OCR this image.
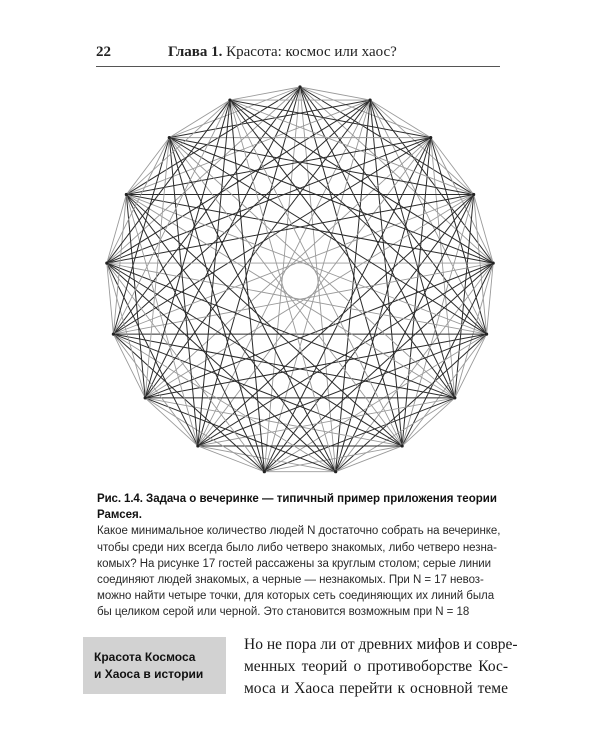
22	Глава 1. Красота: космос или хаос?
Рис. 1.4. Задача о вечеринке — типичный пример приложения теории Рамсея.
Какое минимальное количество людей N достаточно собрать на вечеринке,
чтобы среди них всегда было либо четверо знакомых, либо четверо незна-
комых? На рисунке 17 гостей рассажены за круглым столом; серые линии
соединяют людей знакомых, а черные — незнакомых. При N = 17 невоз-
можно найти четыре точки, для которых сеть соединяющих их линий была
бы целиком серой или черной. Это становится возможным при N = 18
Красота Космоса
и Хаоса в истории
Но не пора ли от древних мифов и совре-
менных теорий о противоборстве Кос-
моса и Хаоса перейти к основной теме
